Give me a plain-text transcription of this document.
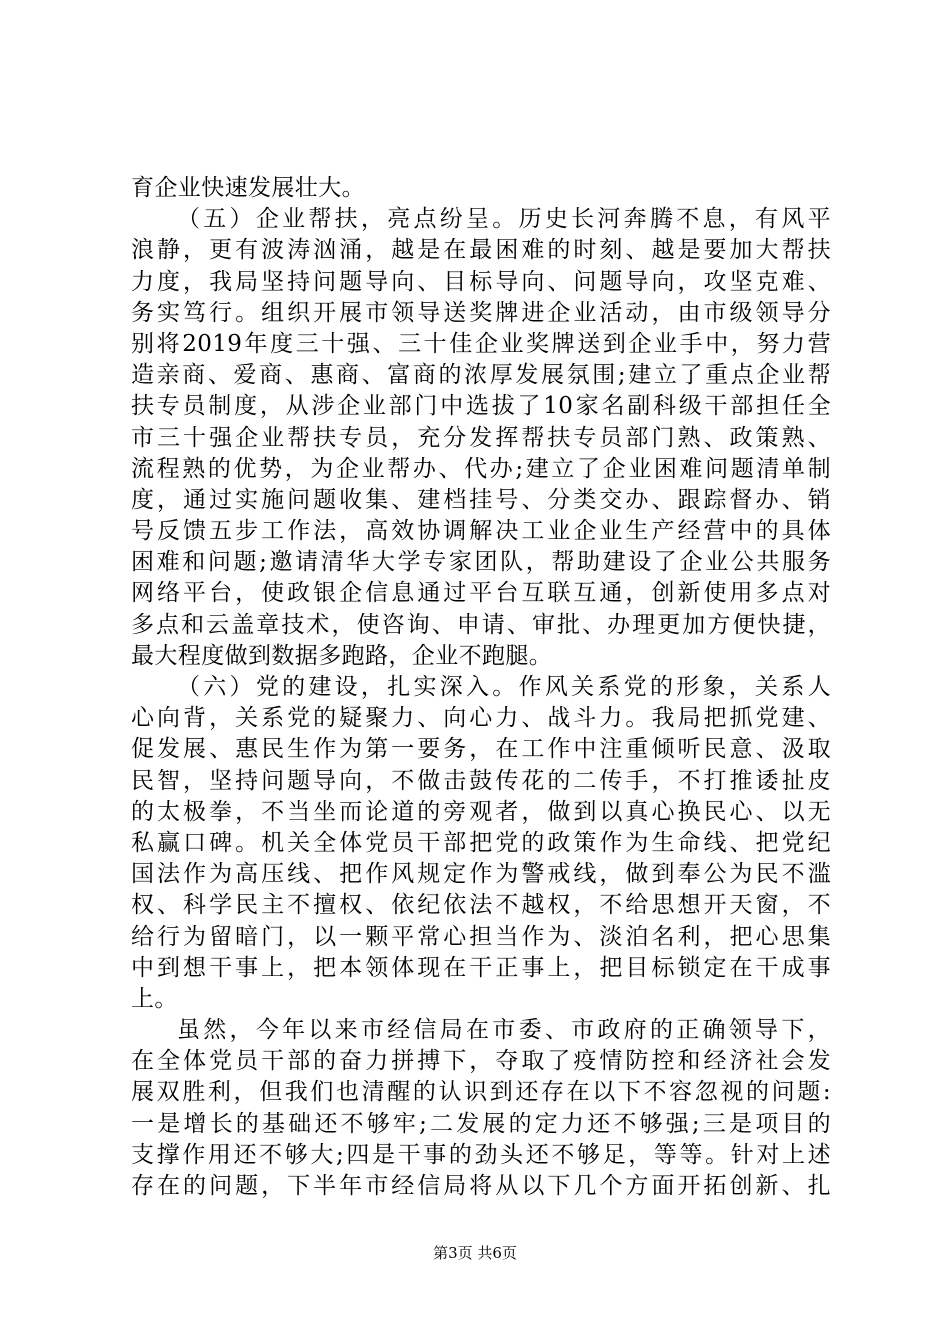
育企业快速发展壮大。
（五）企业帮扶，亮点纷呈。历史长河奔腾不息，有风平
浪静，更有波涛汹涌，越是在最困难的时刻、越是要加大帮扶
力度，我局坚持问题导向、目标导向、问题导向，攻坚克难、
务实笃行。组织开展市领导送奖牌进企业活动，由市级领导分
别将2019年度三十强、三十佳企业奖牌送到企业手中，努力营
造亲商、爱商、惠商、富商的浓厚发展氛围;建立了重点企业帮
扶专员制度，从涉企业部门中选拔了10家名副科级干部担任全
市三十强企业帮扶专员，充分发挥帮扶专员部门熟、政策熟、
流程熟的优势，为企业帮办、代办;建立了企业困难问题清单制
度，通过实施问题收集、建档挂号、分类交办、跟踪督办、销
号反馈五步工作法，高效协调解决工业企业生产经营中的具体
困难和问题;邀请清华大学专家团队，帮助建设了企业公共服务
网络平台，使政银企信息通过平台互联互通，创新使用多点对
多点和云盖章技术，使咨询、申请、审批、办理更加方便快捷，
最大程度做到数据多跑路，企业不跑腿。
（六）党的建设，扎实深入。作风关系党的形象，关系人
心向背，关系党的疑聚力、向心力、战斗力。我局把抓党建、
促发展、惠民生作为第一要务，在工作中注重倾听民意、汲取
民智，坚持问题导向，不做击鼓传花的二传手，不打推诿扯皮
的太极拳，不当坐而论道的旁观者，做到以真心换民心、以无
私赢口碑。机关全体党员干部把党的政策作为生命线、把党纪
国法作为高压线、把作风规定作为警戒线，做到奉公为民不滥
权、科学民主不擅权、依纪依法不越权，不给思想开天窗，不
给行为留暗门，以一颗平常心担当作为、淡泊名利，把心思集
中到想干事上，把本领体现在干正事上，把目标锁定在干成事
上。
虽然，今年以来市经信局在市委、市政府的正确领导下，
在全体党员干部的奋力拼搏下，夺取了疫情防控和经济社会发
展双胜利，但我们也清醒的认识到还存在以下不容忽视的问题:
一是增长的基础还不够牢;二发展的定力还不够强;三是项目的
支撑作用还不够大;四是干事的劲头还不够足，等等。针对上述
存在的问题，下半年市经信局将从以下几个方面开拓创新、扎
第3页 共6页
